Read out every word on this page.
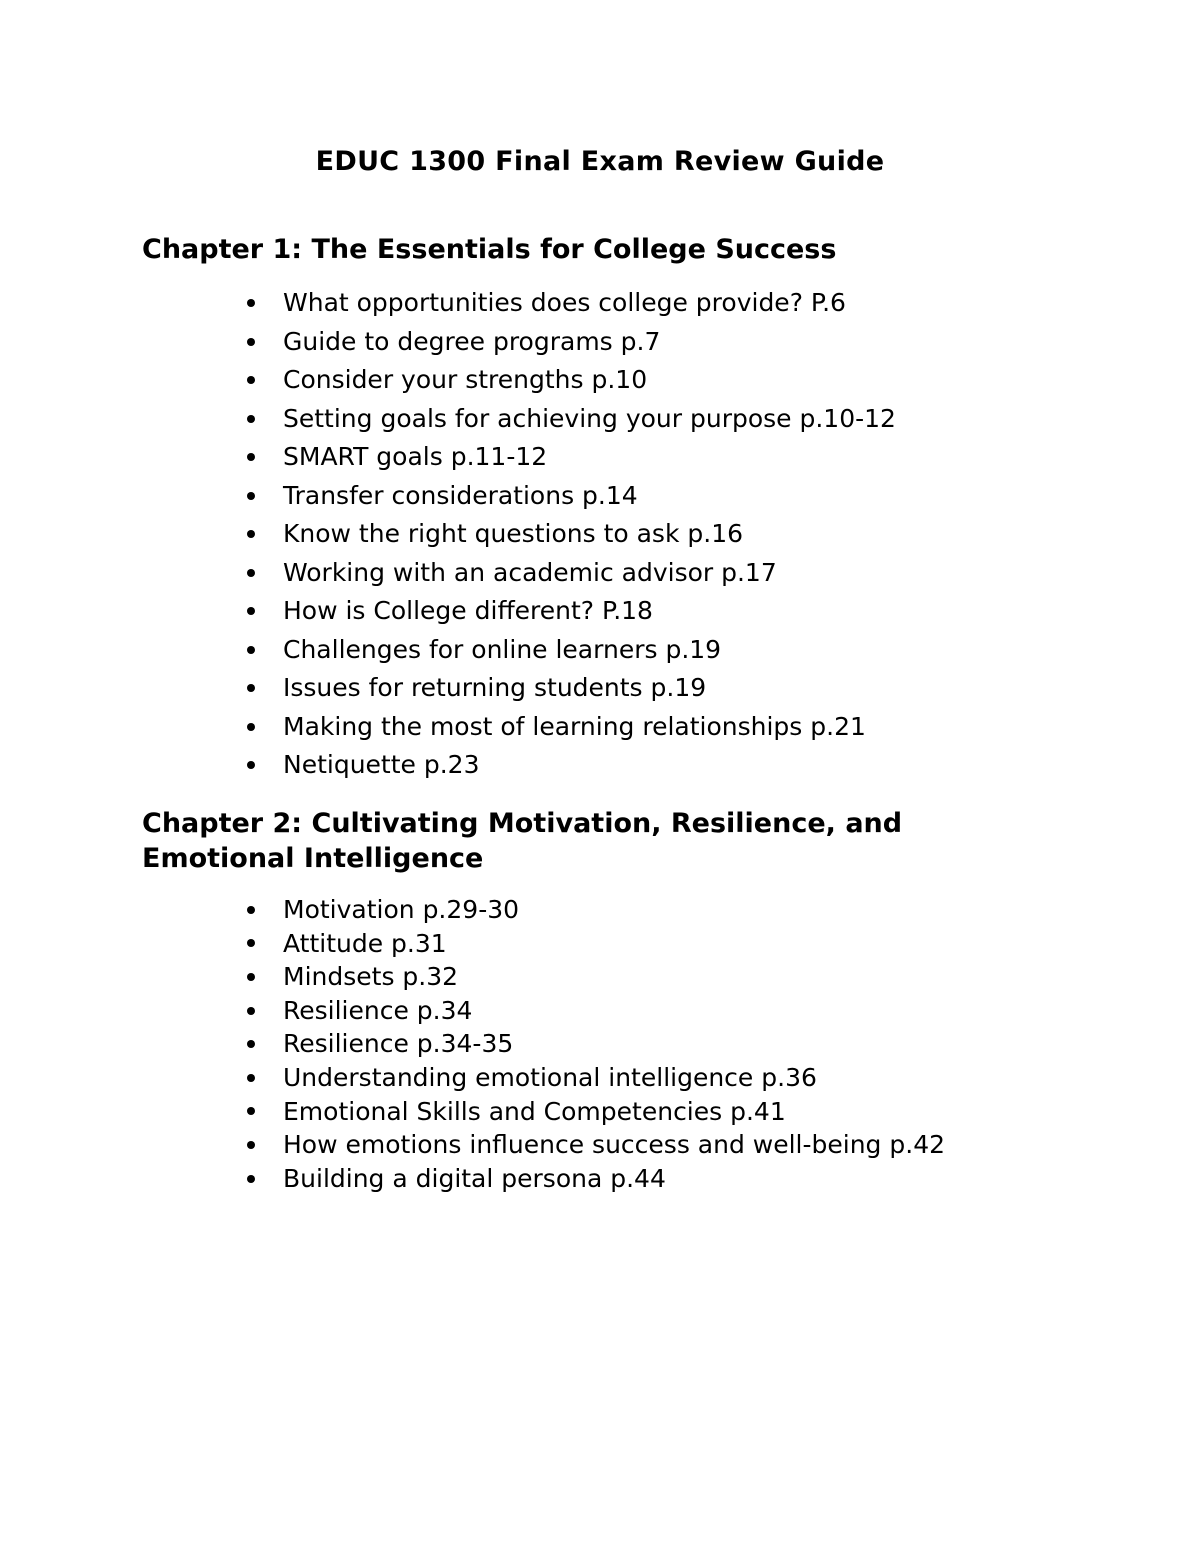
EDUC 1300 Final Exam Review Guide
Chapter 1: The Essentials for College Success
What opportunities does college provide? P.6
Guide to degree programs p.7
Consider your strengths p.10
Setting goals for achieving your purpose p.10-12
SMART goals p.11-12
Transfer considerations p.14
Know the right questions to ask p.16
Working with an academic advisor p.17
How is College different? P.18
Challenges for online learners p.19
Issues for returning students p.19
Making the most of learning relationships p.21
Netiquette p.23
Chapter 2: Cultivating Motivation, Resilience, and
Emotional Intelligence
Motivation p.29-30
Attitude p.31
Mindsets p.32
Resilience p.34
Resilience p.34-35
Understanding emotional intelligence p.36
Emotional Skills and Competencies p.41
How emotions influence success and well-being p.42
Building a digital persona p.44
